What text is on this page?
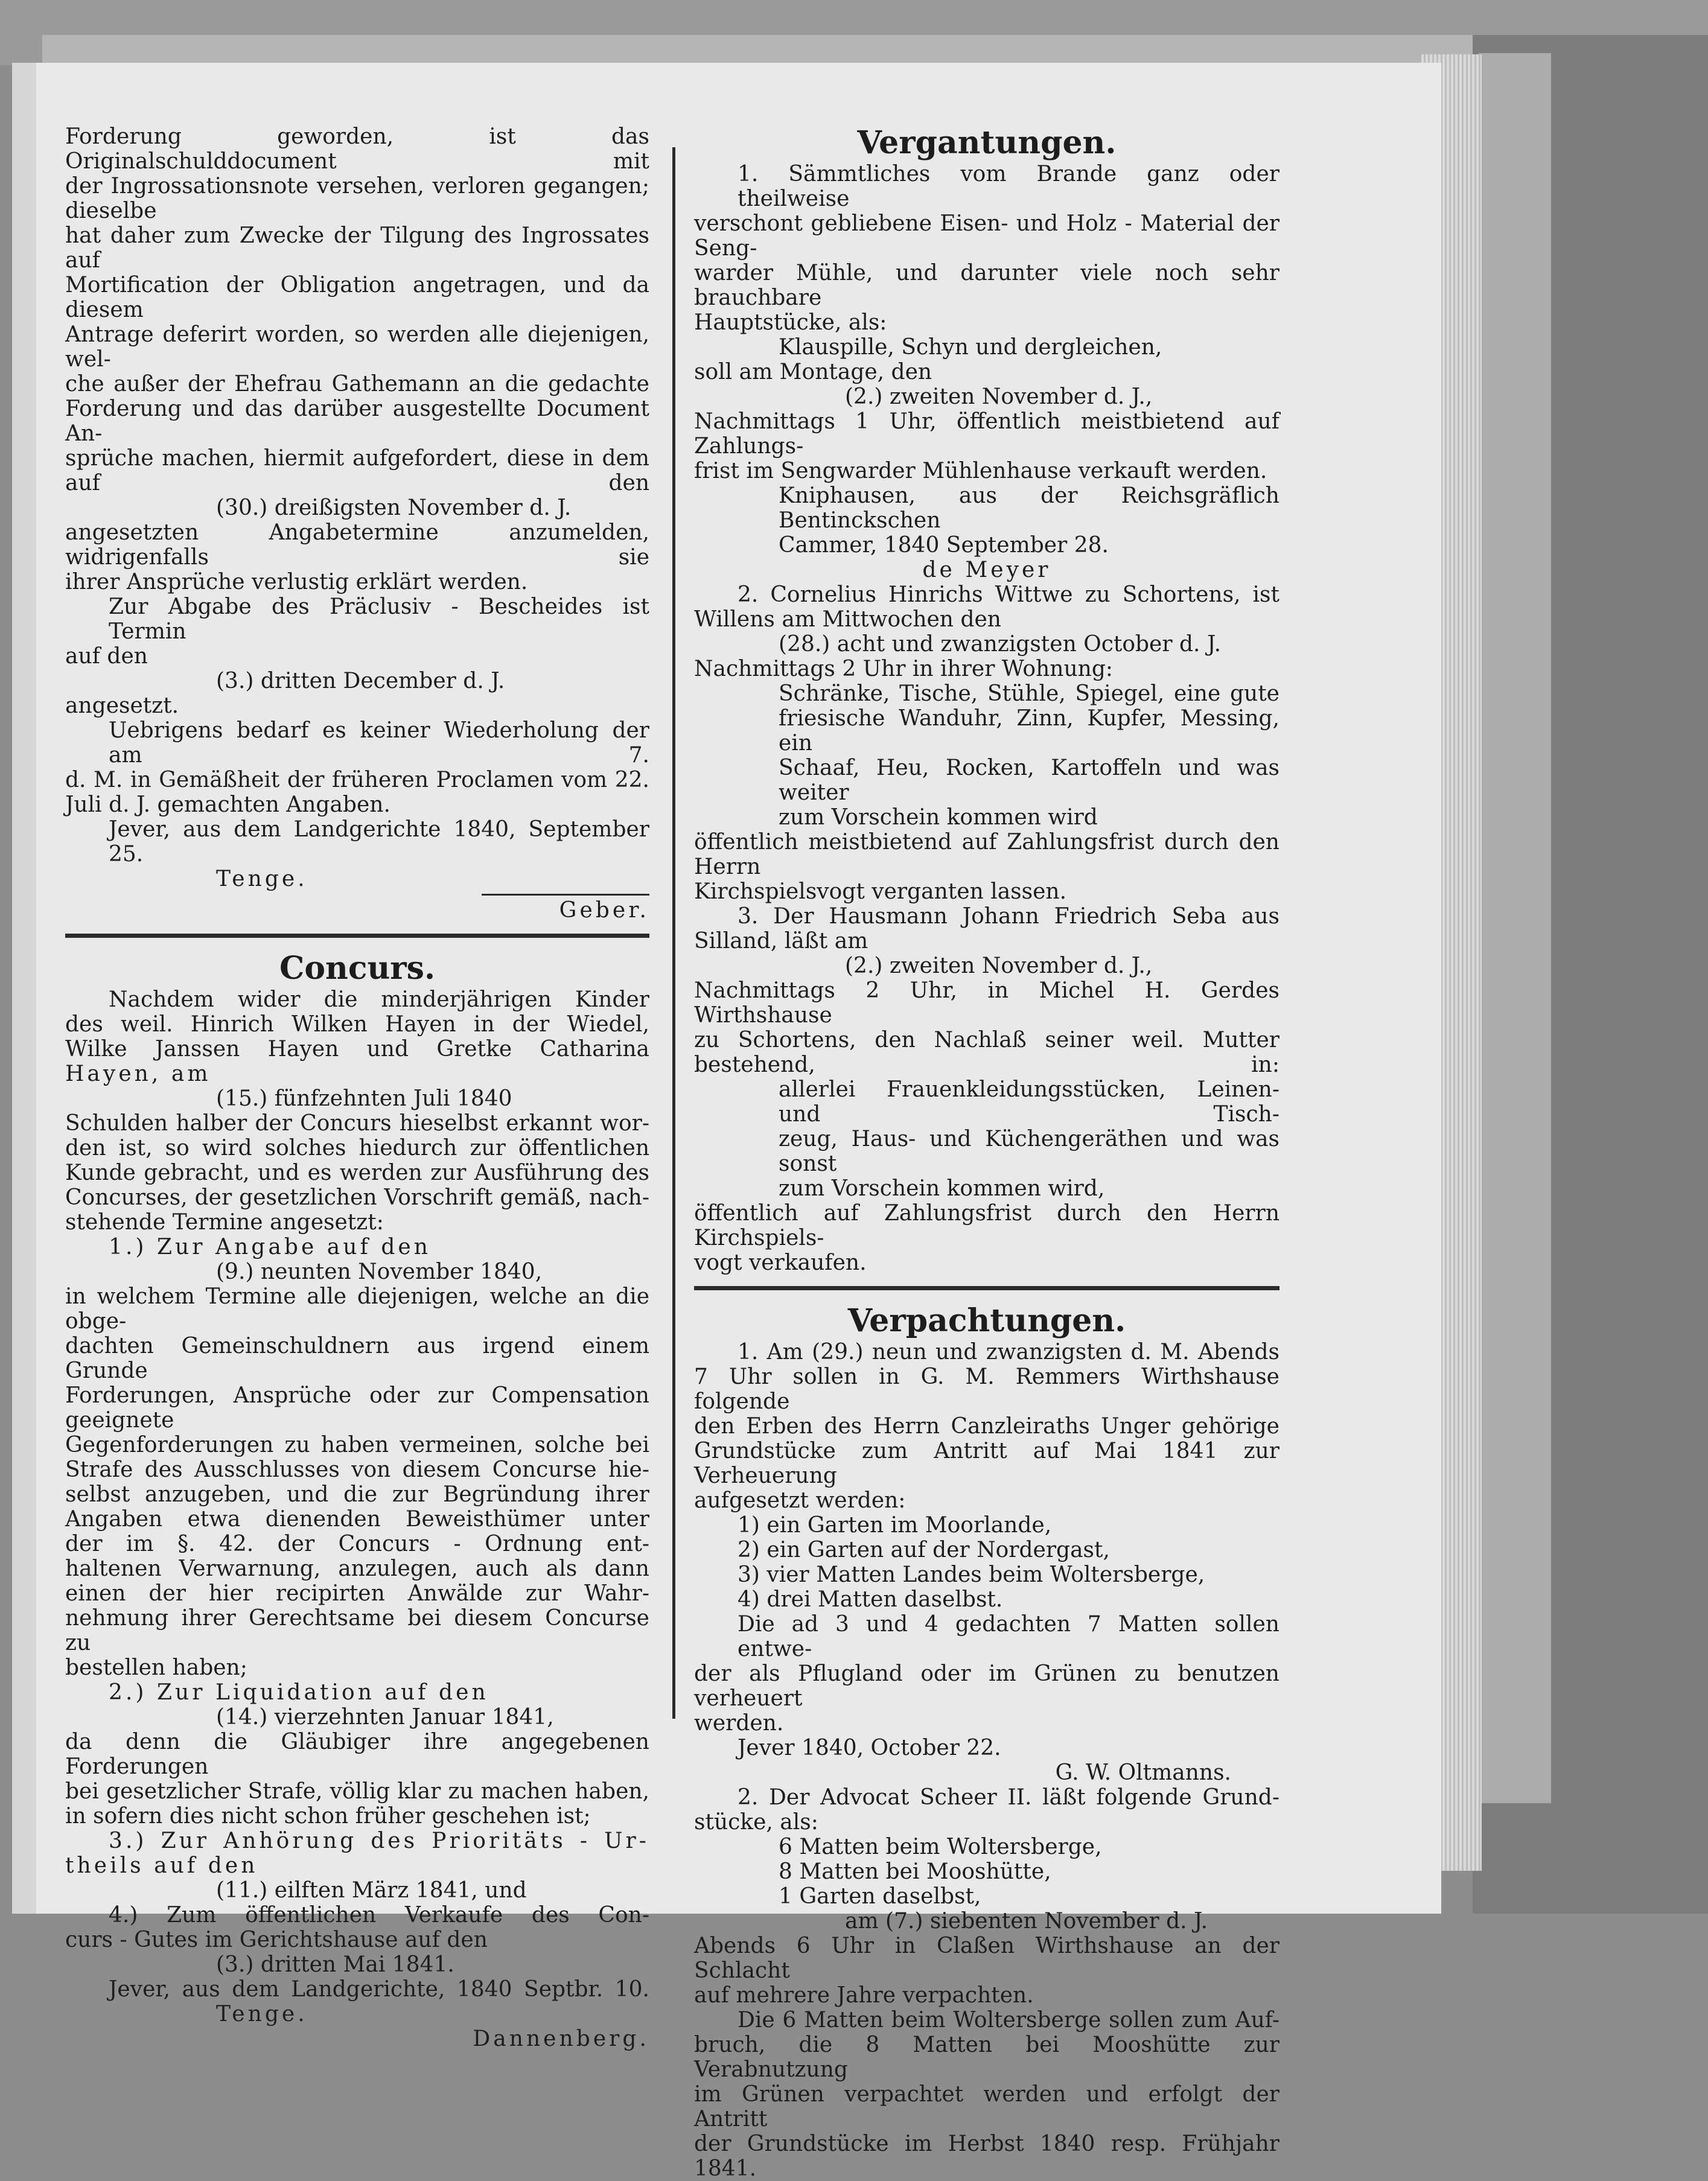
Forderung geworden, ist das Originalschulddocument mit

der Ingrossationsnote versehen, verloren gegangen; dieselbe

hat daher zum Zwecke der Tilgung des Ingrossates auf

Mortification der Obligation angetragen, und da diesem

Antrage deferirt worden, so werden alle diejenigen, wel-

che außer der Ehefrau Gathemann an die gedachte

Forderung und das darüber ausgestellte Document An-

sprüche machen, hiermit aufgefordert, diese in dem auf den

(30.) dreißigsten November d. J.

angesetzten Angabetermine anzumelden, widrigenfalls sie

ihrer Ansprüche verlustig erklärt werden.

Zur Abgabe des Präclusiv - Bescheides ist Termin

auf den

(3.) dritten December d. J.

angesetzt.

Uebrigens bedarf es keiner Wiederholung der am 7.

d. M. in Gemäßheit der früheren Proclamen vom 22.

Juli d. J. gemachten Angaben.

Jever, aus dem Landgerichte 1840, September 25.

Tenge.

Geber.

Concurs.

Nachdem wider die minderjährigen Kinder

des weil. Hinrich Wilken Hayen in der Wiedel,

Wilke Janssen Hayen und Gretke Catharina

Hayen, am

(15.) fünfzehnten Juli 1840

Schulden halber der Concurs hieselbst erkannt wor-

den ist, so wird solches hiedurch zur öffentlichen

Kunde gebracht, und es werden zur Ausführung des

Concurses, der gesetzlichen Vorschrift gemäß, nach-

stehende Termine angesetzt:

1.) Zur Angabe auf den

(9.) neunten November 1840,

in welchem Termine alle diejenigen, welche an die obge-

dachten Gemeinschuldnern aus irgend einem Grunde

Forderungen, Ansprüche oder zur Compensation geeignete

Gegenforderungen zu haben vermeinen, solche bei

Strafe des Ausschlusses von diesem Concurse hie-

selbst anzugeben, und die zur Begründung ihrer

Angaben etwa dienenden Beweisthümer unter

der im §. 42. der Concurs - Ordnung ent-

haltenen Verwarnung, anzulegen, auch als dann

einen der hier recipirten Anwälde zur Wahr-

nehmung ihrer Gerechtsame bei diesem Concurse zu

bestellen haben;

2.) Zur Liquidation auf den

(14.) vierzehnten Januar 1841,

da denn die Gläubiger ihre angegebenen Forderungen

bei gesetzlicher Strafe, völlig klar zu machen haben,

in sofern dies nicht schon früher geschehen ist;

3.) Zur Anhörung des Prioritäts - Ur-

theils auf den

(11.) eilften März 1841, und

4.) Zum öffentlichen Verkaufe des Con-

curs - Gutes im Gerichtshause auf den

(3.) dritten Mai 1841.

Jever, aus dem Landgerichte, 1840 Septbr. 10.

Tenge.

Dannenberg.

Vergantungen.

1. Sämmtliches vom Brande ganz oder theilweise

verschont gebliebene Eisen- und Holz - Material der Seng-

warder Mühle, und darunter viele noch sehr brauchbare

Hauptstücke, als:

Klauspille, Schyn und dergleichen,

soll am Montage, den

(2.) zweiten November d. J.,

Nachmittags 1 Uhr, öffentlich meistbietend auf Zahlungs-

frist im Sengwarder Mühlenhause verkauft werden.

Kniphausen, aus der Reichsgräflich Bentinckschen

Cammer, 1840 September 28.

de Meyer

2. Cornelius Hinrichs Wittwe zu Schortens, ist

Willens am Mittwochen den

(28.) acht und zwanzigsten October d. J.

Nachmittags 2 Uhr in ihrer Wohnung:

Schränke, Tische, Stühle, Spiegel, eine gute

friesische Wanduhr, Zinn, Kupfer, Messing, ein

Schaaf, Heu, Rocken, Kartoffeln und was weiter

zum Vorschein kommen wird

öffentlich meistbietend auf Zahlungsfrist durch den Herrn

Kirchspielsvogt verganten lassen.

3. Der Hausmann Johann Friedrich Seba aus

Silland, läßt am

(2.) zweiten November d. J.,

Nachmittags 2 Uhr, in Michel H. Gerdes Wirthshause

zu Schortens, den Nachlaß seiner weil. Mutter bestehend, in:

allerlei Frauenkleidungsstücken, Leinen- und Tisch-

zeug, Haus- und Küchengeräthen und was sonst

zum Vorschein kommen wird,

öffentlich auf Zahlungsfrist durch den Herrn Kirchspiels-

vogt verkaufen.

Verpachtungen.

1. Am (29.) neun und zwanzigsten d. M. Abends

7 Uhr sollen in G. M. Remmers Wirthshause folgende

den Erben des Herrn Canzleiraths Unger gehörige

Grundstücke zum Antritt auf Mai 1841 zur Verheuerung

aufgesetzt werden:

1) ein Garten im Moorlande,

2) ein Garten auf der Nordergast,

3) vier Matten Landes beim Woltersberge,

4) drei Matten daselbst.

Die ad 3 und 4 gedachten 7 Matten sollen entwe-

der als Pflugland oder im Grünen zu benutzen verheuert

werden.

Jever 1840, October 22.

G. W. Oltmanns.

2. Der Advocat Scheer II. läßt folgende Grund-

stücke, als:

6 Matten beim Woltersberge,

8 Matten bei Mooshütte,

1 Garten daselbst,

am (7.) siebenten November d. J.

Abends 6 Uhr in Claßen Wirthshause an der Schlacht

auf mehrere Jahre verpachten.

Die 6 Matten beim Woltersberge sollen zum Auf-

bruch, die 8 Matten bei Mooshütte zur Verabnutzung

im Grünen verpachtet werden und erfolgt der Antritt

der Grundstücke im Herbst 1840 resp. Frühjahr 1841.
